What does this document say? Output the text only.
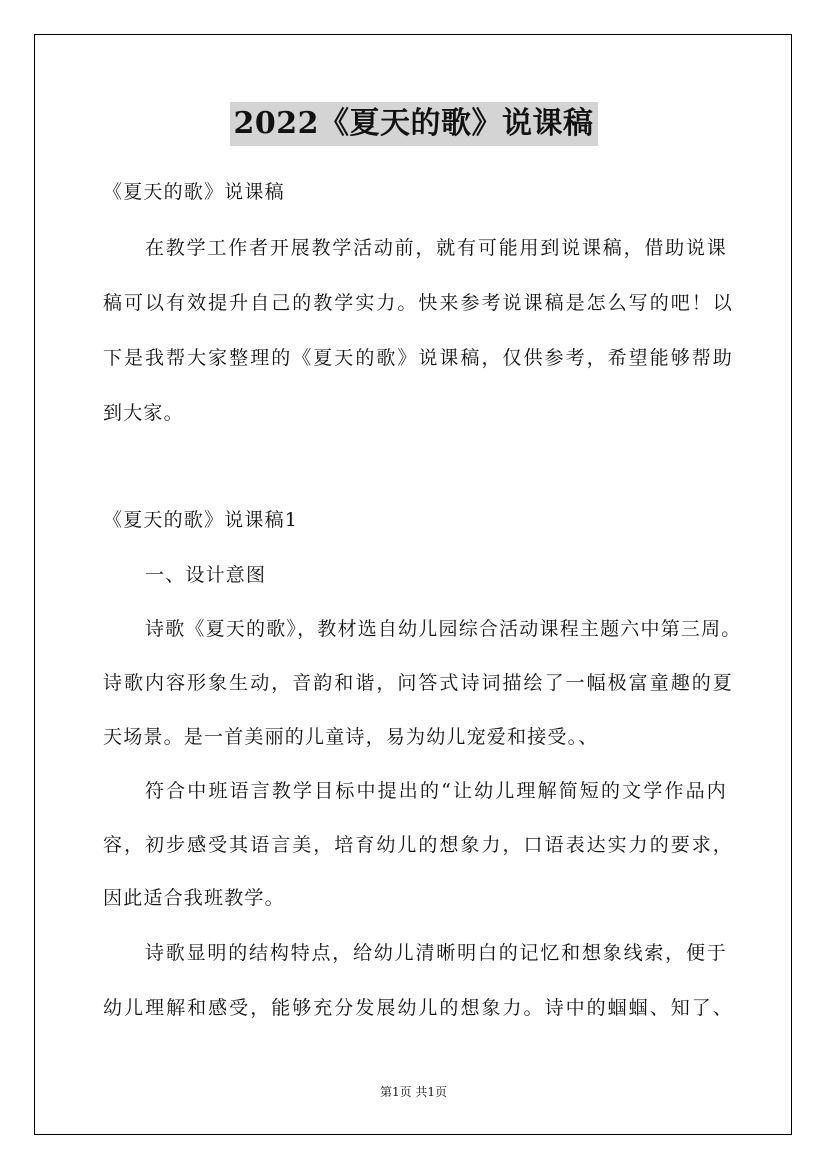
2022《夏天的歌》说课稿
《夏天的歌》说课稿
在教学工作者开展教学活动前，就有可能用到说课稿，借助说课
稿可以有效提升自己的教学实力。快来参考说课稿是怎么写的吧！以
下是我帮大家整理的《夏天的歌》说课稿，仅供参考，希望能够帮助
到大家。
《夏天的歌》说课稿1
一、设计意图
诗歌《夏天的歌》，教材选自幼儿园综合活动课程主题六中第三周。
诗歌内容形象生动，音韵和谐，问答式诗词描绘了一幅极富童趣的夏
天场景。是一首美丽的儿童诗，易为幼儿宠爱和接受。、
符合中班语言教学目标中提出的“让幼儿理解简短的文学作品内
容，初步感受其语言美，培育幼儿的想象力，口语表达实力的要求，
因此适合我班教学。
诗歌显明的结构特点，给幼儿清晰明白的记忆和想象线索，便于
幼儿理解和感受，能够充分发展幼儿的想象力。诗中的蝈蝈、知了、
第1页 共1页
